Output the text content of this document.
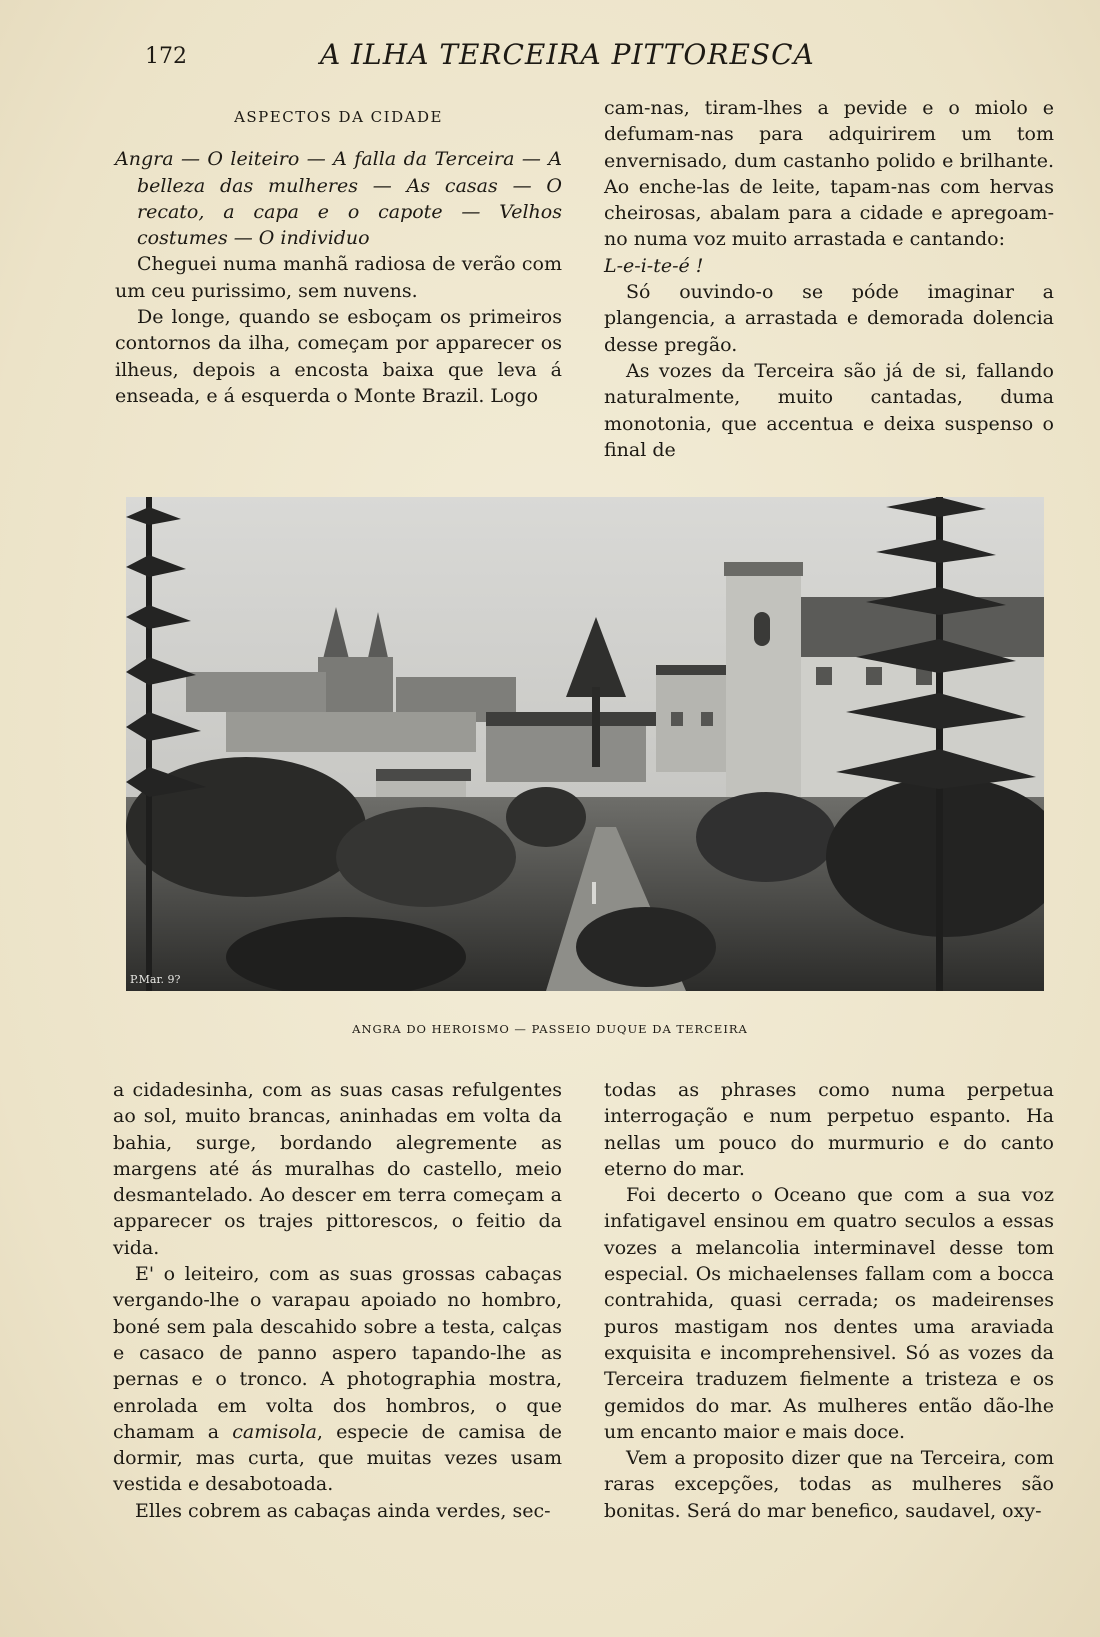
172	A ILHA TERCEIRA PITTORESCA
ASPECTOS DA CIDADE

Angra — O leiteiro — A falla da Terceira — A belleza das mulheres — As casas — O recato, a capa e o capote — Velhos costumes — O individuo

Cheguei numa manhã radiosa de verão com um ceu purissimo, sem nuvens.

De longe, quando se esboçam os primeiros contornos da ilha, começam por apparecer os ilheus, depois a encosta baixa que leva á enseada, e á esquerda o Monte Brazil. Logo

cam-nas, tiram-lhes a pevide e o miolo e defumam-nas para adquirirem um tom envernisado, dum castanho polido e brilhante. Ao enche-las de leite, tapam-nas com hervas cheirosas, abalam para a cidade e apregoam-no numa voz muito arrastada e cantando:
L-e-i-te-é !

Só ouvindo-o se póde imaginar a plangencia, a arrastada e demorada dolencia desse pregão.

As vozes da Terceira são já de si, fallando naturalmente, muito cantadas, duma monotonia, que accentua e deixa suspenso o final de

P.Mar. 9?
ANGRA DO HEROISMO — PASSEIO DUQUE DA TERCEIRA

a cidadesinha, com as suas casas refulgentes ao sol, muito brancas, aninhadas em volta da bahia, surge, bordando alegremente as margens até ás muralhas do castello, meio desmantelado. Ao descer em terra começam a apparecer os trajes pittorescos, o feitio da vida.

E' o leiteiro, com as suas grossas cabaças vergando-lhe o varapau apoiado no hombro, boné sem pala descahido sobre a testa, calças e casaco de panno aspero tapando-lhe as pernas e o tronco. A photographia mostra, enrolada em volta dos hombros, o que chamam a camisola, especie de camisa de dormir, mas curta, que muitas vezes usam vestida e desabotoada.

Elles cobrem as cabaças ainda verdes, sec-

todas as phrases como numa perpetua interrogação e num perpetuo espanto. Ha nellas um pouco do murmurio e do canto eterno do mar.

Foi decerto o Oceano que com a sua voz infatigavel ensinou em quatro seculos a essas vozes a melancolia interminavel desse tom especial. Os michaelenses fallam com a bocca contrahida, quasi cerrada; os madeirenses puros mastigam nos dentes uma araviada exquisita e incomprehensivel. Só as vozes da Terceira traduzem fielmente a tristeza e os gemidos do mar. As mulheres então dão-lhe um encanto maior e mais doce.

Vem a proposito dizer que na Terceira, com raras excepções, todas as mulheres são bonitas. Será do mar benefico, saudavel, oxy-
